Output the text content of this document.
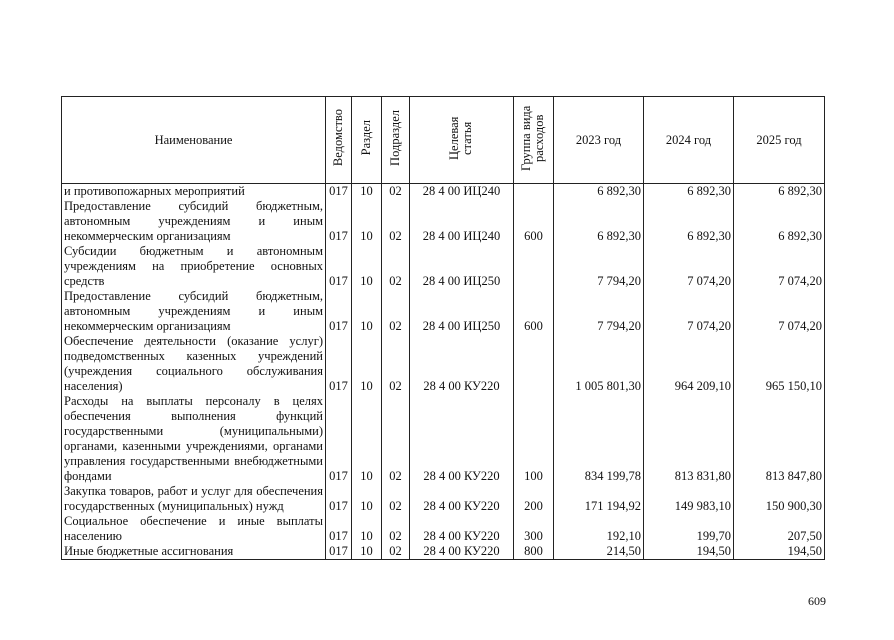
Наименование	Ведомство	Раздел	Подраздел	Целевая статья	Группа вида расходов	2023 год	2024 год	2025 год
и противопожарных мероприятий	017	10	02	28 4 00 ИЦ240		6 892,30	6 892,30	6 892,30
Предоставление субсидий бюджетным, автономным учреждениям и иным некоммерческим организациям	017	10	02	28 4 00 ИЦ240	600	6 892,30	6 892,30	6 892,30
Субсидии бюджетным и автономным учреждениям на приобретение основных средств	017	10	02	28 4 00 ИЦ250		7 794,20	7 074,20	7 074,20
Предоставление субсидий бюджетным, автономным учреждениям и иным некоммерческим организациям	017	10	02	28 4 00 ИЦ250	600	7 794,20	7 074,20	7 074,20
Обеспечение деятельности (оказание услуг) подведомственных казенных учреждений (учреждения социального обслуживания населения)	017	10	02	28 4 00 КУ220		1 005 801,30	964 209,10	965 150,10
Расходы на выплаты персоналу в целях обеспечения выполнения функций государственными (муниципальными) органами, казенными учреждениями, органами управления государственными внебюджетными фондами	017	10	02	28 4 00 КУ220	100	834 199,78	813 831,80	813 847,80
Закупка товаров, работ и услуг для обеспечения государственных (муниципальных) нужд	017	10	02	28 4 00 КУ220	200	171 194,92	149 983,10	150 900,30
Социальное обеспечение и иные выплаты населению	017	10	02	28 4 00 КУ220	300	192,10	199,70	207,50
Иные бюджетные ассигнования	017	10	02	28 4 00 КУ220	800	214,50	194,50	194,50
609
